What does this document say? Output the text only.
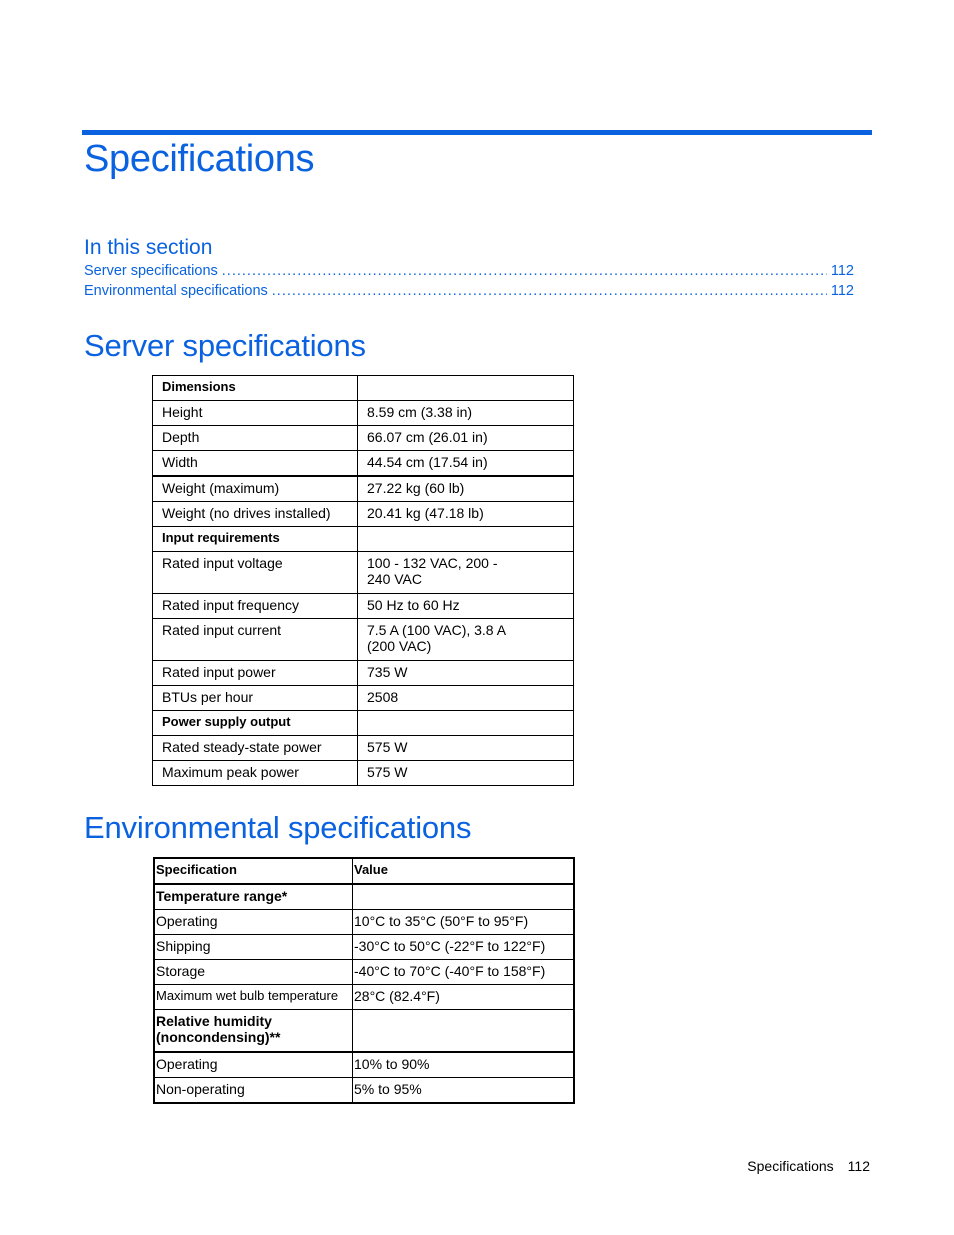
Specifications
In this section
Server specifications .....	112
Environmental specifications .....	112
Server specifications
Dimensions	
Height	8.59 cm (3.38 in)
Depth	66.07 cm (26.01 in)
Width	44.54 cm (17.54 in)
Weight (maximum)	27.22 kg (60 lb)
Weight (no drives installed)	20.41 kg (47.18 lb)
Input requirements	
Rated input voltage	100 - 132 VAC, 200 - 240 VAC
Rated input frequency	50 Hz to 60 Hz
Rated input current	7.5 A (100 VAC), 3.8 A (200 VAC)
Rated input power	735 W
BTUs per hour	2508
Power supply output	
Rated steady-state power	575 W
Maximum peak power	575 W
Environmental specifications
Specification	Value
Temperature range*	
Operating	10°C to 35°C (50°F to 95°F)
Shipping	-30°C to 50°C (-22°F to 122°F)
Storage	-40°C to 70°C (-40°F to 158°F)
Maximum wet bulb temperature	28°C (82.4°F)
Relative humidity (noncondensing)**	
Operating	10% to 90%
Non-operating	5% to 95%
Specifications 112
